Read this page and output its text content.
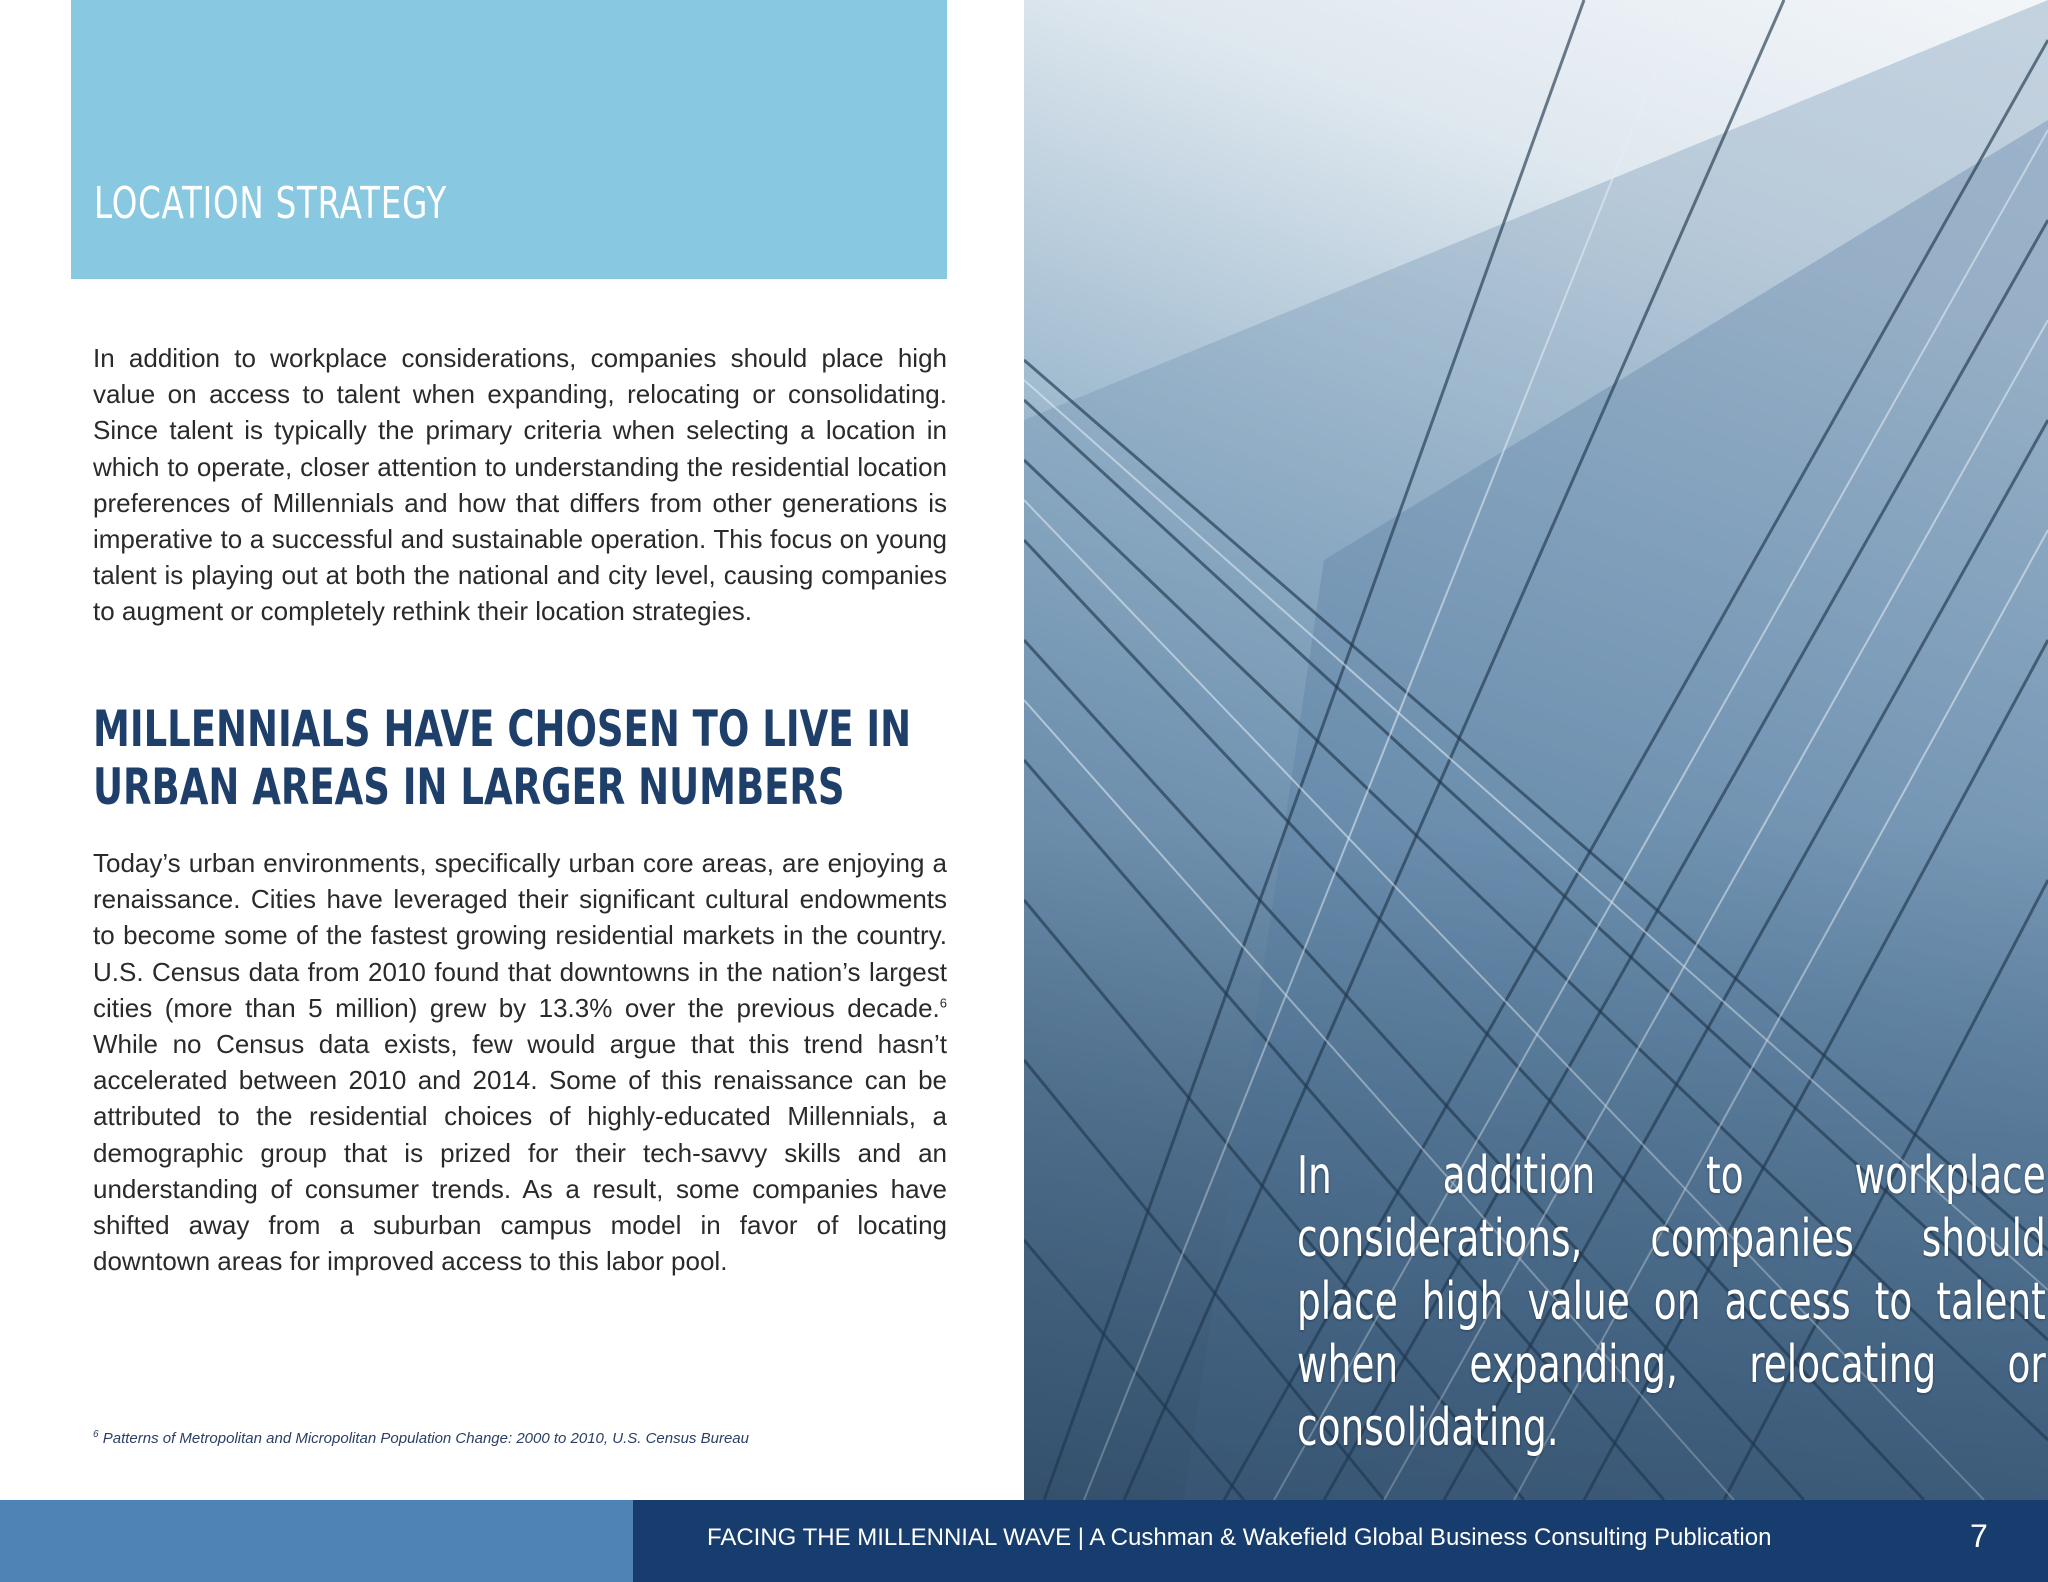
LOCATION STRATEGY

In addition to workplace considerations, companies should place high value on access to talent when expanding, relocating or consolidating. Since talent is typically the primary criteria when selecting a location in which to operate, closer attention to understanding the residential location preferences of Millennials and how that differs from other generations is imperative to a successful and sustainable operation. This focus on young talent is playing out at both the national and city level, causing companies to augment or completely rethink their location strategies.

MILLENNIALS HAVE CHOSEN TO LIVE IN URBAN AREAS IN LARGER NUMBERS

Today’s urban environments, specifically urban core areas, are enjoying a renaissance. Cities have leveraged their significant cultural endowments to become some of the fastest growing residential markets in the country. U.S. Census data from 2010 found that downtowns in the nation’s largest cities (more than 5 million) grew by 13.3% over the previous decade.$^6$ While no Census data exists, few would argue that this trend hasn’t accelerated between 2010 and 2014. Some of this renaissance can be attributed to the residential choices of highly-educated Millennials, a demographic group that is prized for their tech-savvy skills and an understanding of consumer trends. As a result, some companies have shifted away from a suburban campus model in favor of locating downtown areas for improved access to this labor pool.

$^6$ Patterns of Metropolitan and Micropolitan Population Change: 2000 to 2010, U.S. Census Bureau

In addition to workplace considerations, companies should place high value on access to talent when expanding, relocating or consolidating.

FACING THE MILLENNIAL WAVE | A Cushman & Wakefield Global Business Consulting Publication	7
